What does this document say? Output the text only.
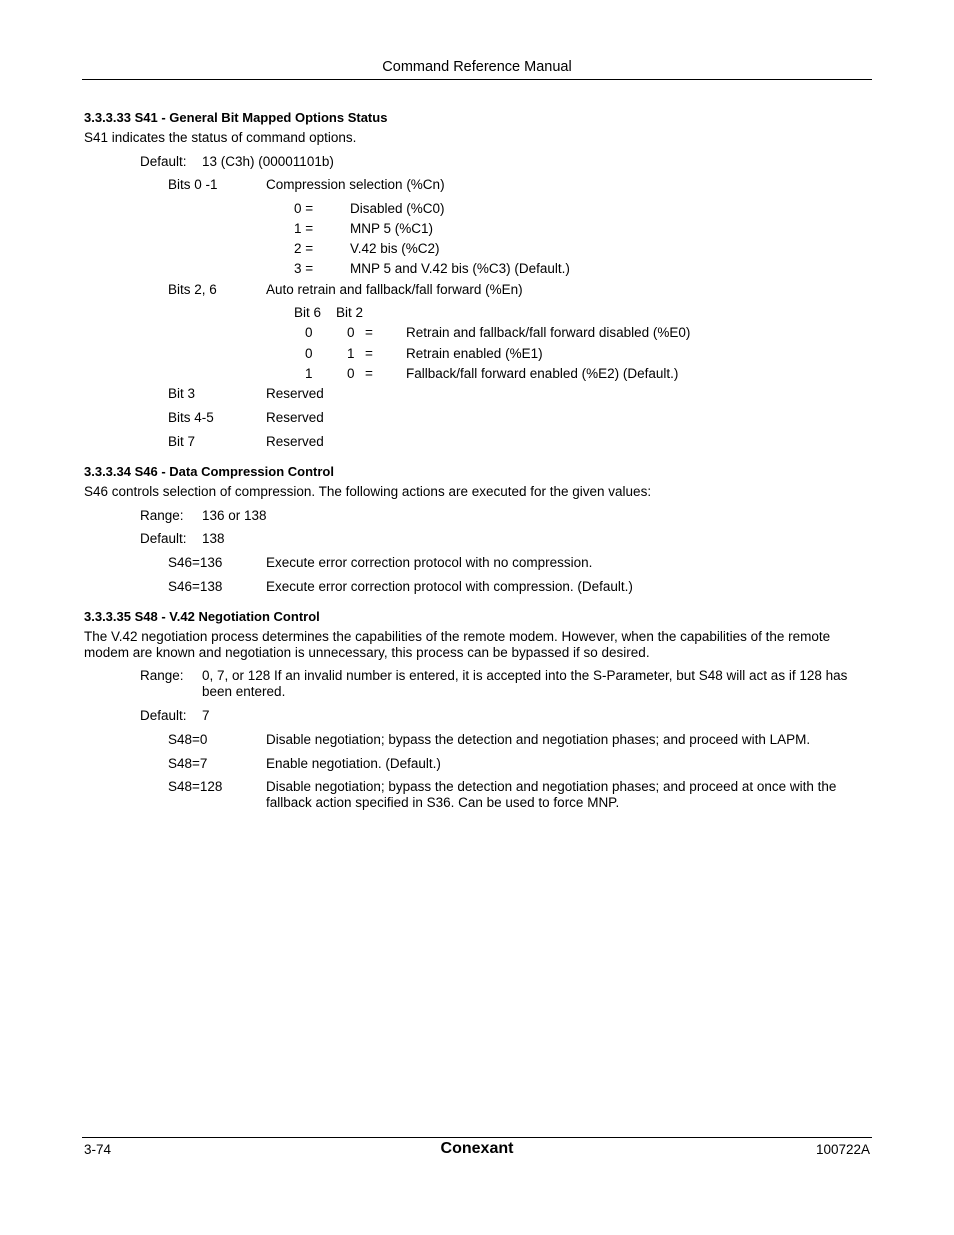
Command Reference Manual
3.3.3.33 S41 - General Bit Mapped Options Status
S41 indicates the status of command options.
Default: 13 (C3h) (00001101b)
Bits 0 -1	Compression selection (%Cn)
0 =	Disabled (%C0)
1 =	MNP 5 (%C1)
2 =	V.42 bis (%C2)
3 =	MNP 5 and V.42 bis (%C3) (Default.)
Bits 2, 6	Auto retrain and fallback/fall forward (%En)
Bit 6 Bit 2
0	0 = Retrain and fallback/fall forward disabled (%E0)
0	1 = Retrain enabled (%E1)
1	0 = Fallback/fall forward enabled (%E2) (Default.)
Bit 3	Reserved
Bits 4-5	Reserved
Bit 7	Reserved
3.3.3.34 S46 - Data Compression Control
S46 controls selection of compression. The following actions are executed for the given values:
Range: 136 or 138
Default: 138
S46=136	Execute error correction protocol with no compression.
S46=138	Execute error correction protocol with compression. (Default.)
3.3.3.35 S48 - V.42 Negotiation Control
The V.42 negotiation process determines the capabilities of the remote modem. However, when the capabilities of the remote modem are known and negotiation is unnecessary, this process can be bypassed if so desired.
Range: 0, 7, or 128 If an invalid number is entered, it is accepted into the S-Parameter, but S48 will act as if 128 has been entered.
Default: 7
S48=0	Disable negotiation; bypass the detection and negotiation phases; and proceed with LAPM.
S48=7	Enable negotiation. (Default.)
S48=128	Disable negotiation; bypass the detection and negotiation phases; and proceed at once with the fallback action specified in S36. Can be used to force MNP.
3-74	Conexant	100722A
